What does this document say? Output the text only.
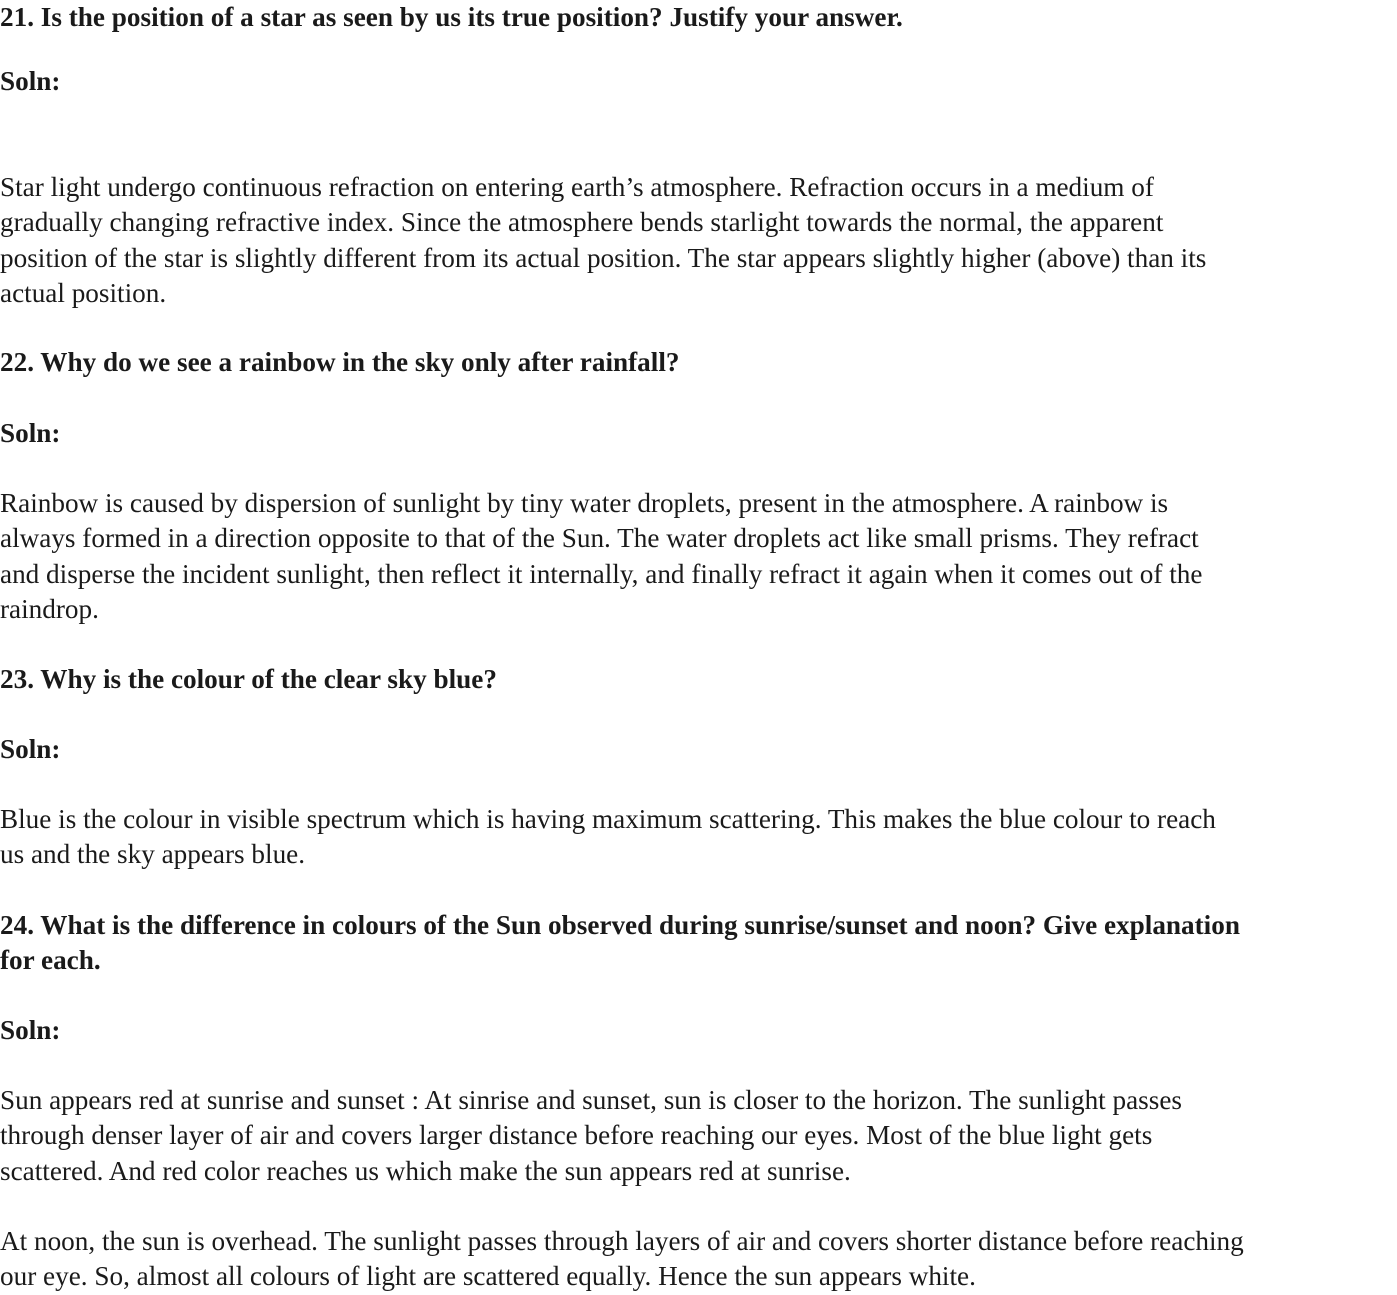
21. Is the position of a star as seen by us its true position? Justify your answer.
Soln:
Star light undergo continuous refraction on entering earth’s atmosphere. Refraction occurs in a medium of
gradually changing refractive index. Since the atmosphere bends starlight towards the normal, the apparent
position of the star is slightly different from its actual position. The star appears slightly higher (above) than its
actual position.
22. Why do we see a rainbow in the sky only after rainfall?
Soln:
Rainbow is caused by dispersion of sunlight by tiny water droplets, present in the atmosphere. A rainbow is
always formed in a direction opposite to that of the Sun. The water droplets act like small prisms. They refract
and disperse the incident sunlight, then reflect it internally, and finally refract it again when it comes out of the
raindrop.
23. Why is the colour of the clear sky blue?
Soln:
Blue is the colour in visible spectrum which is having maximum scattering. This makes the blue colour to reach
us and the sky appears blue.
24. What is the difference in colours of the Sun observed during sunrise/sunset and noon? Give explanation
for each.
Soln:
Sun appears red at sunrise and sunset : At sinrise and sunset, sun is closer to the horizon. The sunlight passes
through denser layer of air and covers larger distance before reaching our eyes. Most of the blue light gets
scattered. And red color reaches us which make the sun appears red at sunrise.
At noon, the sun is overhead. The sunlight passes through layers of air and covers shorter distance before reaching
our eye. So, almost all colours of light are scattered equally. Hence the sun appears white.
